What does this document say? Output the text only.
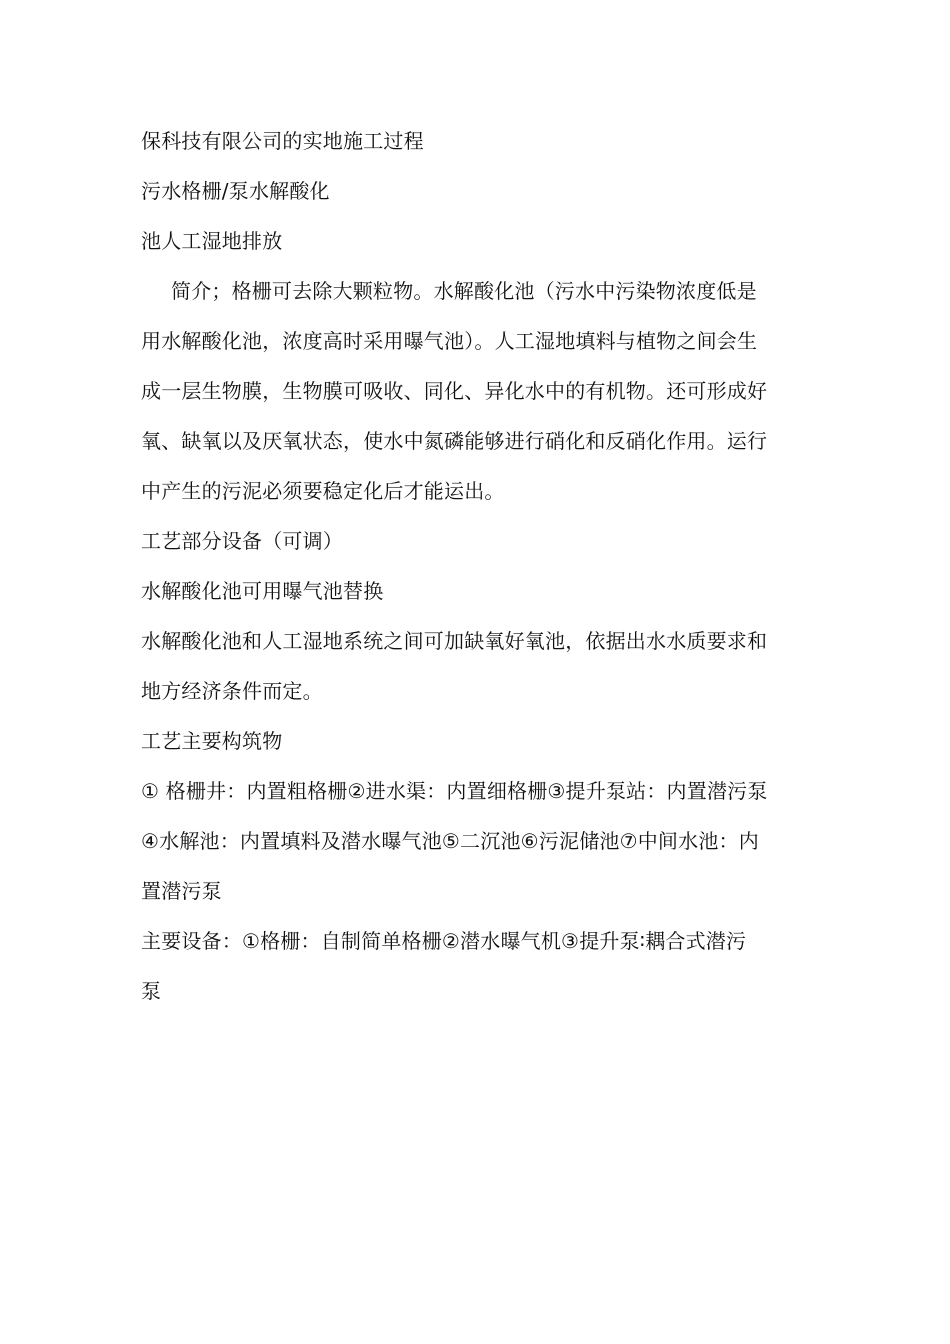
保科技有限公司的实地施工过程
污水格栅/泵水解酸化
池人工湿地排放
简介；格栅可去除大颗粒物。水解酸化池（污水中污染物浓度低是
用水解酸化池，浓度高时采用曝气池）。人工湿地填料与植物之间会生
成一层生物膜，生物膜可吸收、同化、异化水中的有机物。还可形成好
氧、缺氧以及厌氧状态，使水中氮磷能够进行硝化和反硝化作用。运行
中产生的污泥必须要稳定化后才能运出。
工艺部分设备（可调）
水解酸化池可用曝气池替换
水解酸化池和人工湿地系统之间可加缺氧好氧池，依据出水水质要求和
地方经济条件而定。
工艺主要构筑物
① 格栅井：内置粗格栅②进水渠：内置细格栅③提升泵站：内置潜污泵
④水解池：内置填料及潜水曝气池⑤二沉池⑥污泥储池⑦中间水池：内
置潜污泵
主要设备：①格栅：自制简单格栅②潜水曝气机③提升泵∶耦合式潜污
泵
